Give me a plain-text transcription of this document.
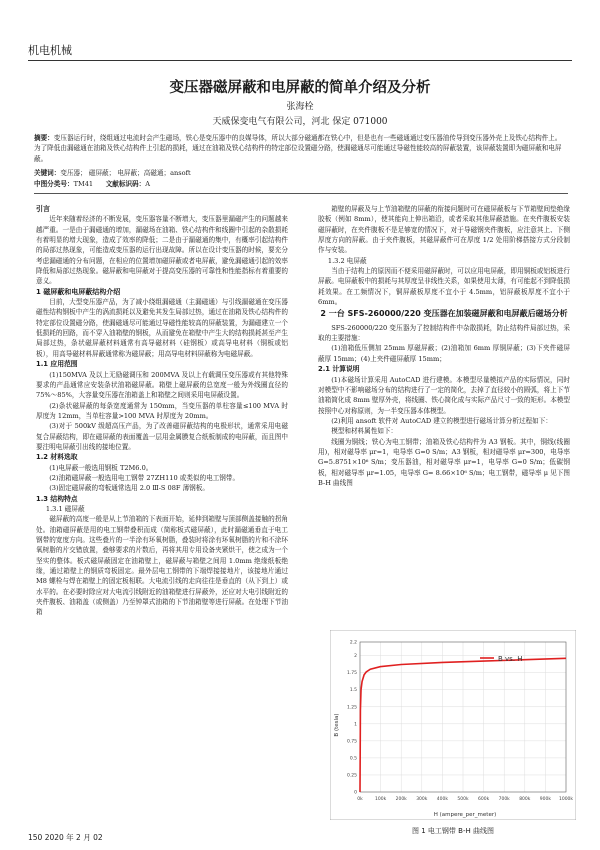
机电机械
变压器磁屏蔽和电屏蔽的简单介绍及分析
张海栓
天威保变电气有限公司，河北 保定 071000
摘要：变压器运行时，绕组通过电流时会产生磁场，铁心是变压器中的良媒导体，所以大部分磁通都在铁心中，但是也有一些磁通通过变压器油传导到变压器外壳上及铁心结构件上。为了降低由漏磁通在油箱及铁心结构件上引起的损耗，通过在油箱及铁心结构件的特定部位设置磁分路，使漏磁通尽可能通过导磁性能较高的屏蔽装置，该屏蔽装置即为磁屏蔽和电屏蔽。
关键词：变压器； 磁屏蔽； 电屏蔽；高磁通；ansoft
中图分类号：TM41 文献标识码：A
引言

近年来随着经济的不断发展，变压器容量不断增大，变压器里漏磁产生的问题越来越严重。一是由于漏磁通的增加，漏磁场在油箱、铁心结构件和线圈中引起的杂散损耗有着明显的增大现象，造成了效率的降低；二是由于漏磁通的集中，有概率引起结构件的局部过热现象，可能造成变压器的运行出现故障。所以在设计变压器的时候，要充分考虑漏磁通的分布问题，在相应的位置增加磁屏蔽或者电屏蔽，避免漏磁通引起的效率降低和局部过热现象。磁屏蔽和电屏蔽对于提高变压器的可靠性和性能指标有着重要的意义。

1 磁屏蔽和电屏蔽结构介绍

目前，大型变压器产品，为了减小绕组漏磁通（主漏磁通）与引线漏磁通在变压器磁性结构钢板中产生的涡流损耗以及避免其发生局部过热，通过在油箱及铁心结构件的特定部位设置磁分路，使漏磁通尽可能通过导磁性能较高的屏蔽装置，为漏磁建立一个低损耗的回路，而不穿入油箱壁的钢板，从而避免在箱壁中产生大的结构损耗甚至产生局部过热，条状磁屏蔽材料通常有高导磁材料（硅钢板）或高导电材料（铜板或铝板），用高导磁材料屏蔽通常称为磁屏蔽；用高导电材料屏蔽称为电磁屏蔽。

1.1 应用范围

(1)150MVA 及以上无励磁调压和 200MVA 及以上有载调压变压器或有其他特殊要求的产品通常应安装条状油箱磁屏蔽。箱壁上磁屏蔽的总宽度一般为外线圈直径的 75%～85%，大容量变压器在油箱盖上和箱壁之间则采用电屏蔽设置。

(2)条状磁屏蔽的每条宽度通常为 150mm，当变压器的单柱容量≤100 MVA 时厚度为 12mm，当单柱容量>100 MVA 时厚度为 20mm。

(3)对于 500kV 级超高压产品，为了改善磁屏蔽结构的电极形状，通常采用电磁复合屏蔽结构，即在磁屏蔽的表面覆盖一层用金属膜复合纸板制成的电屏蔽，而且图中要注明电屏蔽引出线的接地位置。

1.2 材料选取

(1)电屏蔽一般选用钢板 T2M6.0。

(2)油箱磁屏蔽一般选用电工钢带 27ZH110 或类似的电工钢带。

(3)固定磁屏蔽的弯板通常选用 2.0 Ⅲ-S 08F 薄钢板。

1.3 结构特点
1.3.1 磁屏蔽

磁屏蔽的高度一般是从上节油箱的下表面开始，延伸到箱壁与顶部侧盖接触的拐角处。油箱磁屏蔽是用的电工钢带叠积而成（简称板式磁屏蔽），此时漏磁通垂直于电工钢带的宽度方向。这些叠片的一半涂有环氧树脂，叠装时将涂有环氧树脂的片和不涂环氧树脂的片交错放置，叠够要求的片数后，再将其用专用设备夹紧烘干，使之成为一个坚实的整体。板式磁屏蔽固定在油箱壁上，磁屏蔽与箱壁之间用 1.0mm 绝缘纸板绝缘，通过箱壁上的钢质弯板固定。最外层电工钢带的下端焊接接地片，该接地片通过 M8 螺栓与焊在箱壁上的固定板相联。大电流引线的走向往往是垂直的（从下到上）或水平的。在必要时除应对大电流引线附近的油箱壁进行屏蔽外，还应对大电引线附近的夹件腹板、油箱盖（或侧盖）乃至钟罩式油箱的下节油箱壁等进行屏蔽。在处理下节油箱

箱壁的屏蔽及与上节油箱壁的屏蔽的衔接问题时可在磁屏蔽板与下节箱壁间垫绝缘胶板（例如 8mm），使其能向上伸出箱沿，或者采取其他屏蔽措施。在夹件腹板安装磁屏蔽时，在夹件腹板不是足够宽的情况下，对于导磁钢夹件腹板，应注意其上、下侧厚度方向的屏蔽。由于夹件腹板，其磁屏蔽件可在厚度 1/2 处用阶梯搭接方式分段制作与安装。

1.3.2 电屏蔽

当由于结构上的原因而不便采用磁屏蔽时，可以应用电屏蔽，即用铜板或铝板进行屏蔽。电屏蔽板中的损耗与其厚度呈非线性关系，如果使用太薄，有可能起不到降低损耗效果。在工频情况下，铜屏蔽板厚度不宜小于 4.5mm，铝屏蔽板厚度不宜小于 6mm。

2 一台 SFS-260000/220 变压器在加装磁屏蔽和电屏蔽后磁场分析

SFS-260000/220 变压器为了控制结构件中杂散损耗，防止结构件局部过热，采取的主要措施：

(1)油箱低压侧加 25mm 厚磁屏蔽；(2)油箱加 6mm 厚铜屏蔽；(3)下夹件磁屏蔽厚 15mm；(4)上夹件磁屏蔽厚 15mm；

2.1 计算说明

(1)本磁场计算采用 AutoCAD 进行建模。本模型尽量模拟产品的实际情况，同时对模型中不影响磁场分布的结构进行了一定的简化，去掉了直径较小的圆弧，将上下节油箱简化成 8mm 壁厚外壳，将线圈、铁心简化成与实际产品尺寸一致的矩形。本模型按照中心对称原则，为一半变压器本体模型。

(2)利用 ansoft 软件对 AutoCAD 建立的模型进行磁场计算分析过程如下：

模型和材料属性如下：

线圈为铜线；铁心为电工钢带；油箱及铁心结构件为 A3 钢板。其中，铜线(线圈用)，相对磁导率 μr=1，电导率 G=0 S/m；A3 钢板，相对磁导率 μr=300，电导率 G=5.8751×10⁶ S/m；变压器油，相对磁导率 μr=1，电导率 G=0 S/m；低碳钢板，相对磁导率 μr=1.05，电导率 G= 8.66×10⁶ S/m；电工钢带，磁导率 μ 见下图 B-H 曲线图

0k	100k 200k 300k 400k 500k 600k 700k 800k 900k 1000k
0
0.25
0.5
0.75
1
1.25
1.5
1.75
2
2.2
B vs. H
B (tesla)
H (ampere_per_meter)
图 1 电工钢带 B-H 曲线图
150 2020 年 2 月 02
